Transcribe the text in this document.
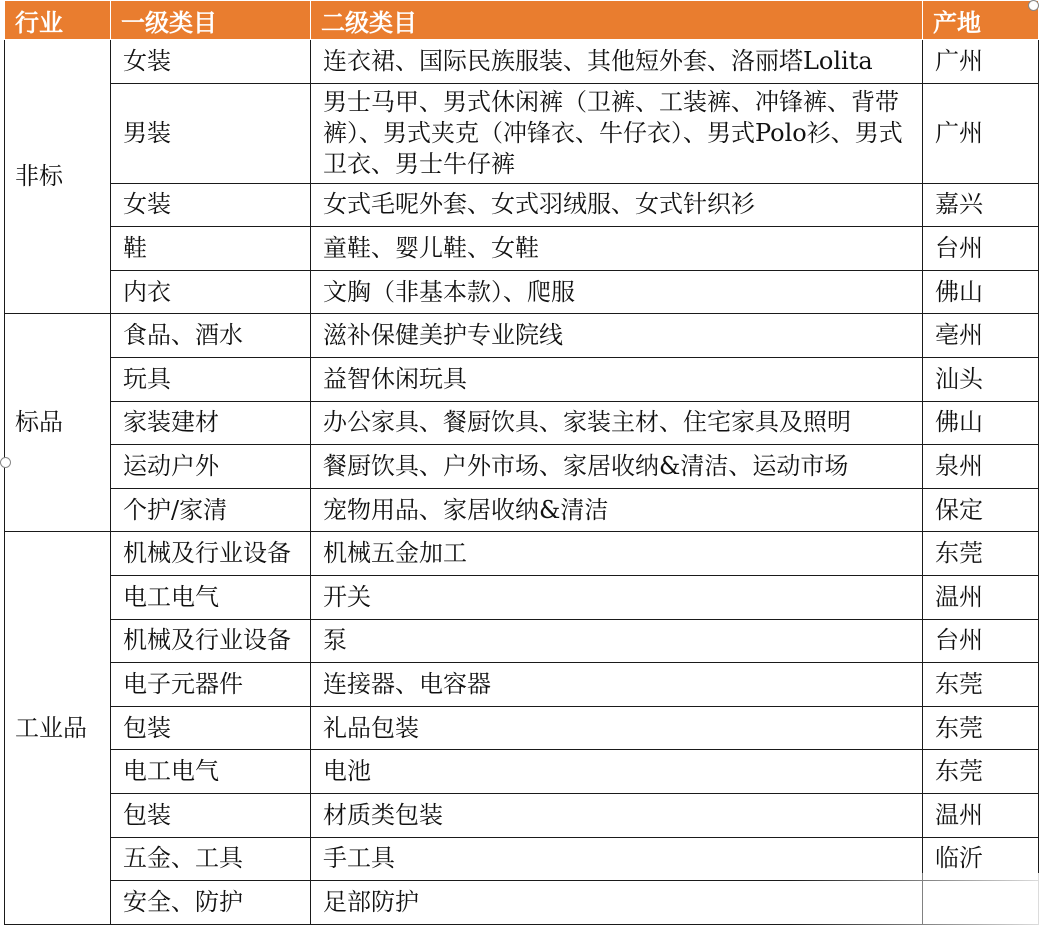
行业	一级类目	二级类目	产地
非标	女装	连衣裙、国际民族服装、其他短外套、洛丽塔Lolita	广州
	男装	男士马甲、男式休闲裤（卫裤、工装裤、冲锋裤、背带裤）、男式夹克（冲锋衣、牛仔衣）、男式Polo衫、男式卫衣、男士牛仔裤	广州
	女装	女式毛呢外套、女式羽绒服、女式针织衫	嘉兴
	鞋	童鞋、婴儿鞋、女鞋	台州
	内衣	文胸（非基本款）、爬服	佛山
标品	食品、酒水	滋补保健美护专业院线	亳州
	玩具	益智休闲玩具	汕头
	家装建材	办公家具、餐厨饮具、家装主材、住宅家具及照明	佛山
	运动户外	餐厨饮具、户外市场、家居收纳&清洁、运动市场	泉州
	个护/家清	宠物用品、家居收纳&清洁	保定
工业品	机械及行业设备	机械五金加工	东莞
	电工电气	开关	温州
	机械及行业设备	泵	台州
	电子元器件	连接器、电容器	东莞
	包装	礼品包装	东莞
	电工电气	电池	东莞
	包装	材质类包装	温州
	五金、工具	手工具	临沂
	安全、防护	足部防护	
